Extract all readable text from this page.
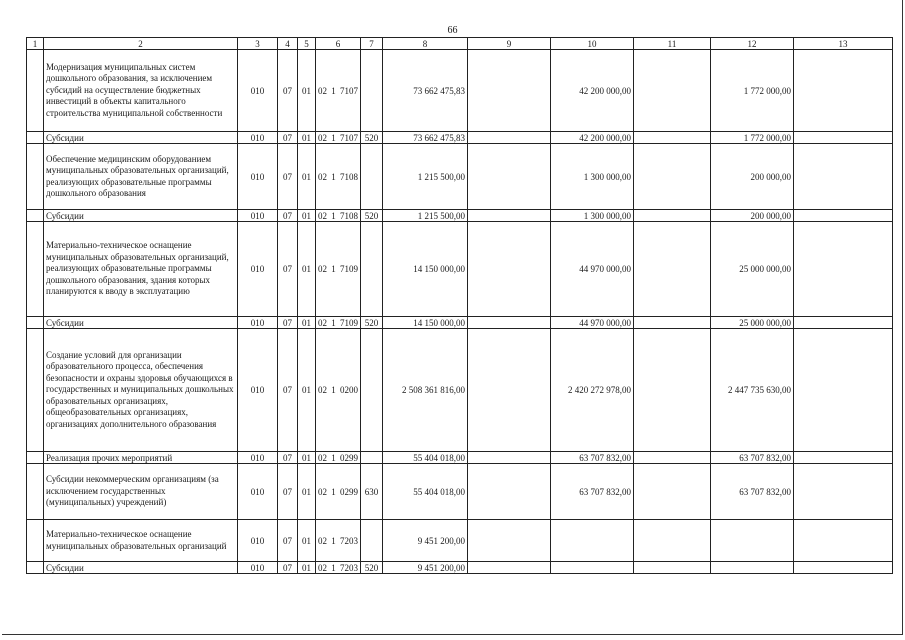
66
1	2	3	4	5	6	7	8	9	10	11	12	13
	Модернизация муниципальных систем дошкольного образования, за исключением субсидий на осуществление бюджетных инвестиций в объекты капитального строительства муниципальной собственности	010	07	01	02 1 7107		73 662 475,83		42 200 000,00		1 772 000,00	
	Субсидии	010	07	01	02 1 7107	520	73 662 475,83		42 200 000,00		1 772 000,00	
	Обеспечение медицинским оборудованием муниципальных образовательных организаций, реализующих образовательные программы дошкольного образования	010	07	01	02 1 7108		1 215 500,00		1 300 000,00		200 000,00	
	Субсидии	010	07	01	02 1 7108	520	1 215 500,00		1 300 000,00		200 000,00	
	Материально-техническое оснащение муниципальных образовательных организаций, реализующих образовательные программы дошкольного образования, здания которых планируются к вводу в эксплуатацию	010	07	01	02 1 7109		14 150 000,00		44 970 000,00		25 000 000,00	
	Субсидии	010	07	01	02 1 7109	520	14 150 000,00		44 970 000,00		25 000 000,00	
	Создание условий для организации образовательного процесса, обеспечения безопасности и охраны здоровья обучающихся в государственных и муниципальных дошкольных образовательных организациях, общеобразовательных организациях, организациях дополнительного образования	010	07	01	02 1 0200		2 508 361 816,00		2 420 272 978,00		2 447 735 630,00	
	Реализация прочих мероприятий	010	07	01	02 1 0299		55 404 018,00		63 707 832,00		63 707 832,00	
	Субсидии некоммерческим организациям (за исключением государственных (муниципальных) учреждений)	010	07	01	02 1 0299	630	55 404 018,00		63 707 832,00		63 707 832,00	
	Материально-техническое оснащение муниципальных образовательных организаций	010	07	01	02 1 7203		9 451 200,00					
	Субсидии	010	07	01	02 1 7203	520	9 451 200,00					
